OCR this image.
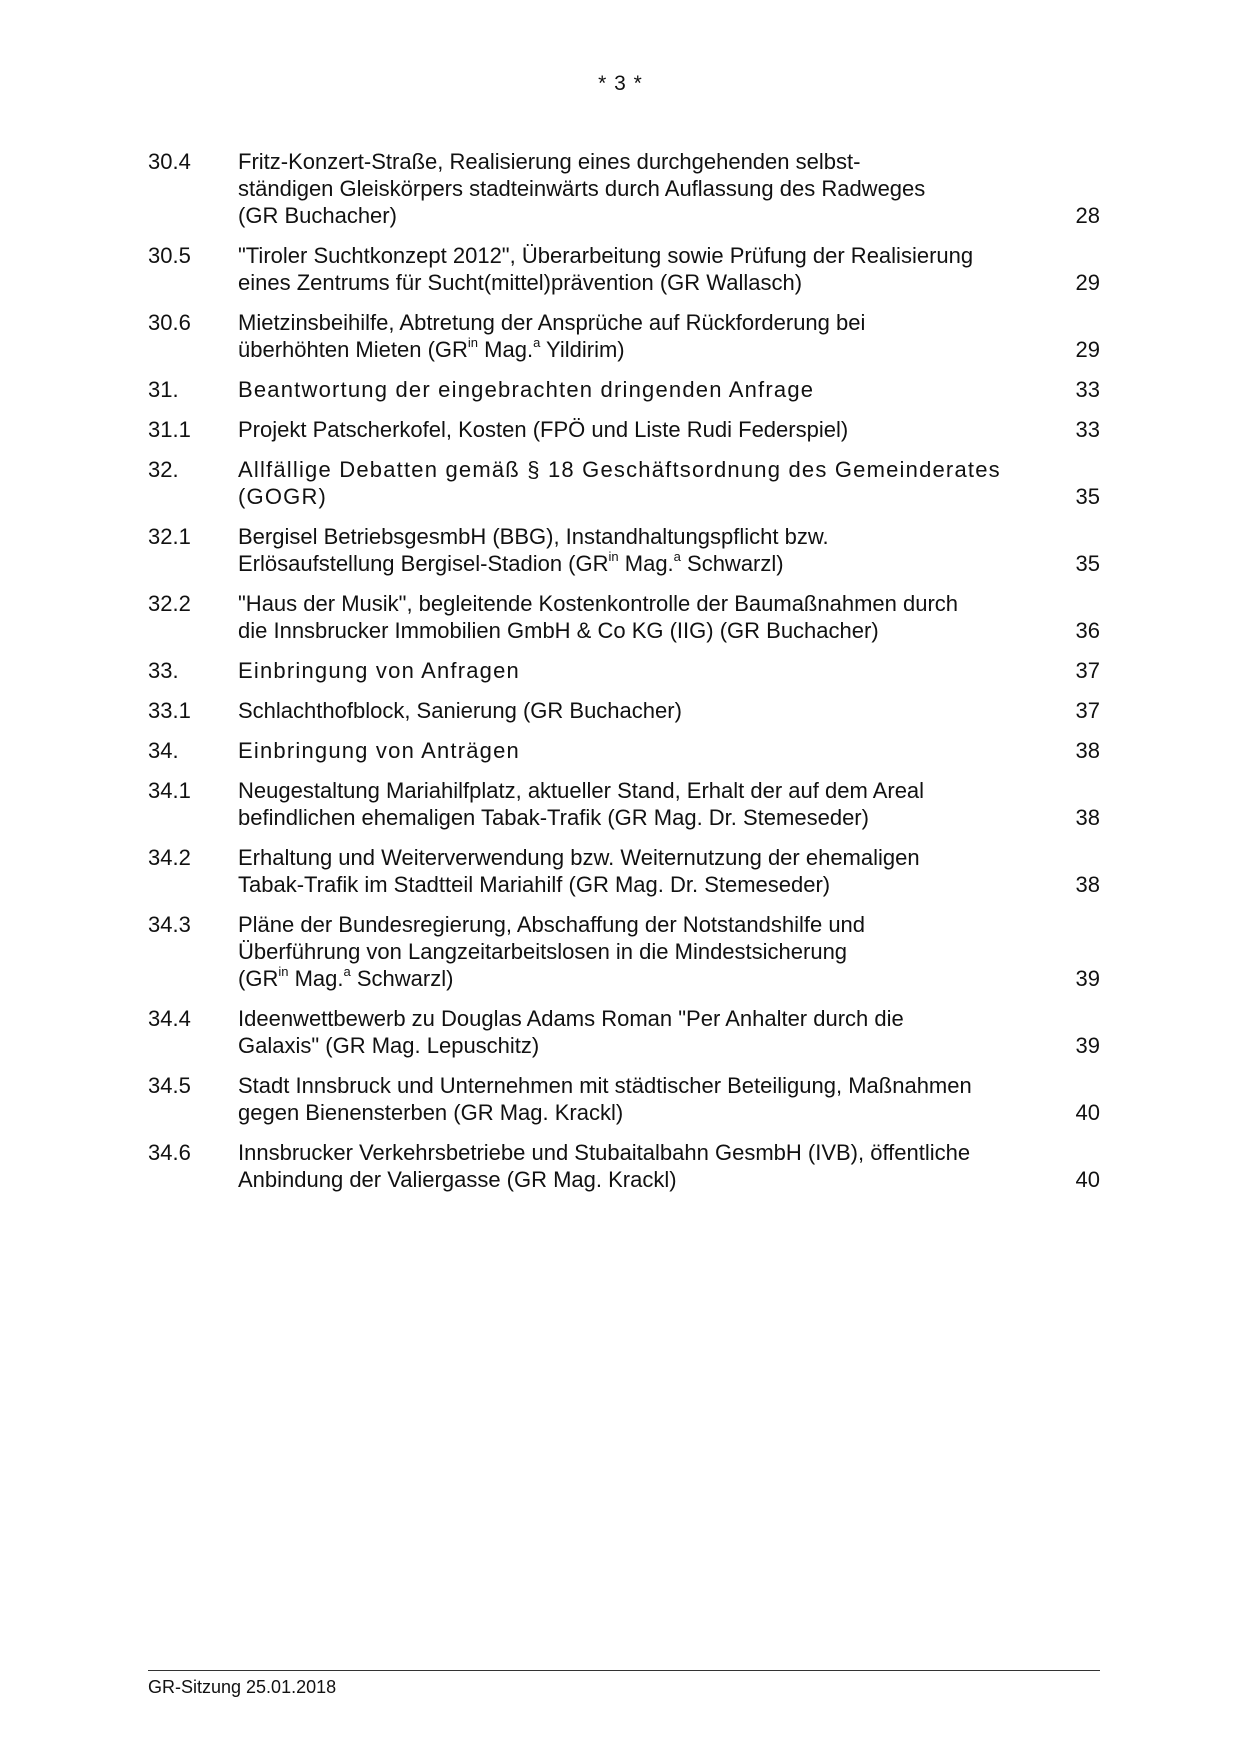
* 3 *
30.4	Fritz-Konzert-Straße, Realisierung eines durchgehenden selbst-
ständigen Gleiskörpers stadteinwärts durch Auflassung des Radweges
(GR Buchacher)	28
30.5	"Tiroler Suchtkonzept 2012", Überarbeitung sowie Prüfung der Realisierung
eines Zentrums für Sucht(mittel)prävention (GR Wallasch)	29
30.6	Mietzinsbeihilfe, Abtretung der Ansprüche auf Rückforderung bei
überhöhten Mieten ($GR^{in}$ Mag.$^a$ Yildirim)	29
31.	Beantwortung der eingebrachten dringenden Anfrage	33
31.1	Projekt Patscherkofel, Kosten (FPÖ und Liste Rudi Federspiel)	33
32.	Allfällige Debatten gemäß § 18 Geschäftsordnung des Gemeinderates
(GOGR)	35
32.1	Bergisel BetriebsgesmbH (BBG), Instandhaltungspflicht bzw.
Erlösaufstellung Bergisel-Stadion ($GR^{in}$ Mag.$^a$ Schwarzl)	35
32.2	"Haus der Musik", begleitende Kostenkontrolle der Baumaßnahmen durch
die Innsbrucker Immobilien GmbH & Co KG (IIG) (GR Buchacher)	36
33.	Einbringung von Anfragen	37
33.1	Schlachthofblock, Sanierung (GR Buchacher)	37
34.	Einbringung von Anträgen	38
34.1	Neugestaltung Mariahilfplatz, aktueller Stand, Erhalt der auf dem Areal
befindlichen ehemaligen Tabak-Trafik (GR Mag. Dr. Stemeseder)	38
34.2	Erhaltung und Weiterverwendung bzw. Weiternutzung der ehemaligen
Tabak-Trafik im Stadtteil Mariahilf (GR Mag. Dr. Stemeseder)	38
34.3	Pläne der Bundesregierung, Abschaffung der Notstandshilfe und
Überführung von Langzeitarbeitslosen in die Mindestsicherung
($GR^{in}$ Mag.$^a$ Schwarzl)	39
34.4	Ideenwettbewerb zu Douglas Adams Roman "Per Anhalter durch die
Galaxis" (GR Mag. Lepuschitz)	39
34.5	Stadt Innsbruck und Unternehmen mit städtischer Beteiligung, Maßnahmen
gegen Bienensterben (GR Mag. Krackl)	40
34.6	Innsbrucker Verkehrsbetriebe und Stubaitalbahn GesmbH (IVB), öffentliche
Anbindung der Valiergasse (GR Mag. Krackl)	40
GR-Sitzung 25.01.2018
